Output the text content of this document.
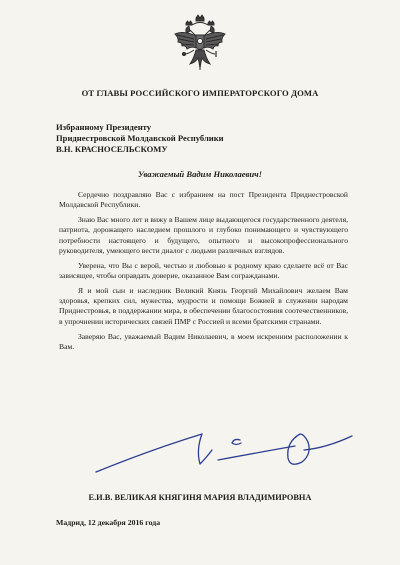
ОТ ГЛАВЫ РОССИЙСКОГО ИМПЕРАТОРСКОГО ДОМА
Избранному Президенту
Приднестровской Молдавской Республики
В.Н. КРАСНОСЕЛЬСКОМУ
Уважаемый Вадим Николаевич!

Сердечно поздравляю Вас с избранием на пост Президента Приднестровской Молдавской Республики.

Знаю Вас много лет и вижу в Вашем лице выдающегося государственного деятеля, патриота, дорожащего наследием прошлого и глубоко понимающего и чувствующего потребности настоящего и будущего, опытного и высокопрофессионального руководителя, умеющего вести диалог с людьми различных взглядов.

Уверена, что Вы с верой, честью и любовью к родному краю сделаете всё от Вас зависящее, чтобы оправдать доверие, оказанное Вам согражданами.

Я и мой сын и наследник Великий Князь Георгий Михайлович желаем Вам здоровья, крепких сил, мужества, мудрости и помощи Божией в служении народам Приднестровья, в поддержании мира, в обеспечении благосостояния соотечественников, в упрочнении исторических связей ПМР с Россией и всеми братскими странами.

Заверяю Вас, уважаемый Вадим Николаевич, в моем искренним расположении к Вам.

Е.И.В. ВЕЛИКАЯ КНЯГИНЯ МАРИЯ ВЛАДИМИРОВНА
Мадрид, 12 декабря 2016 года
